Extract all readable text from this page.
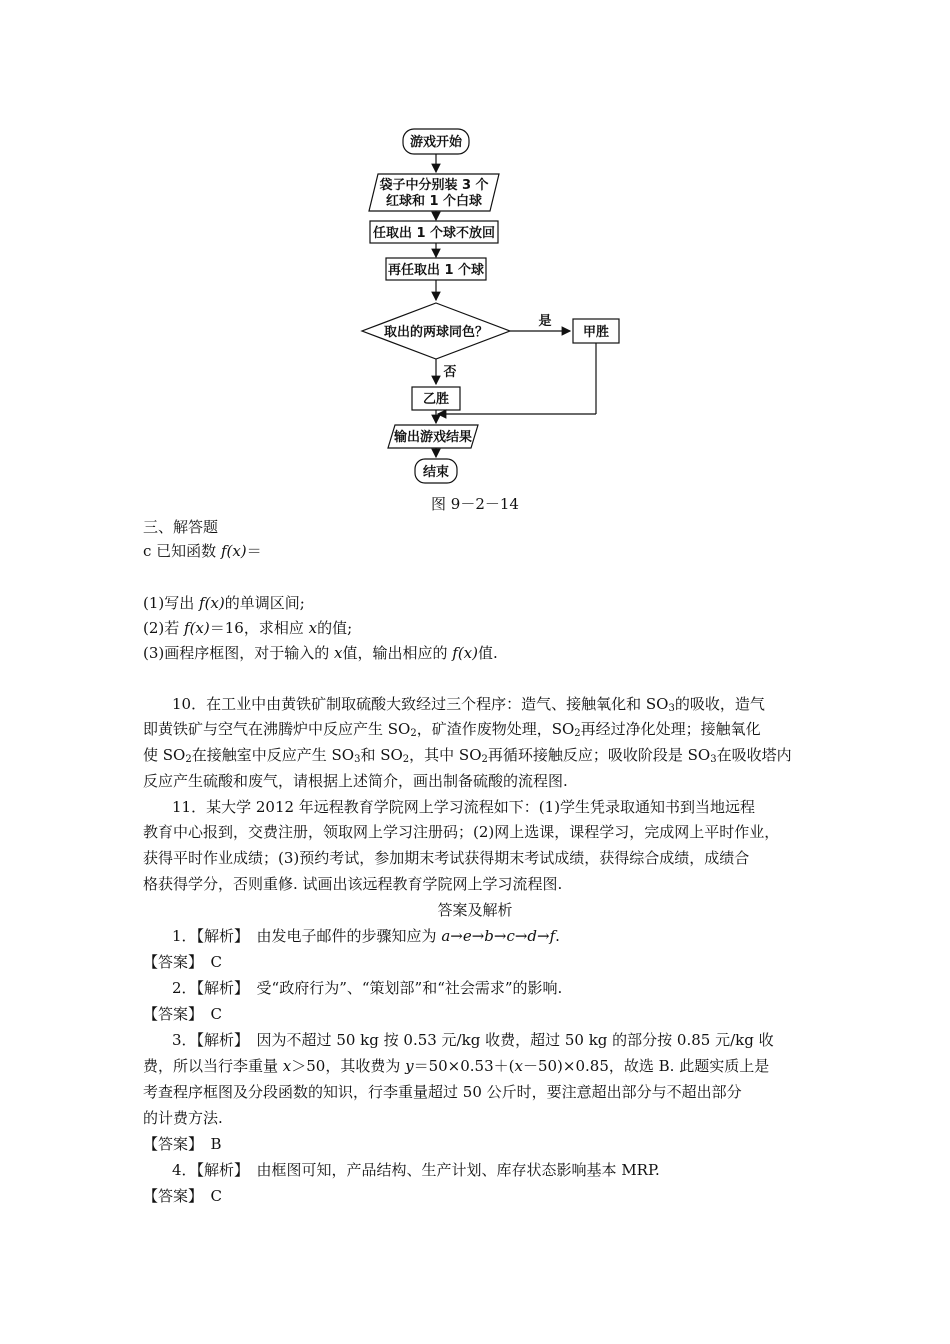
游戏开始
袋子中分别装 3 个
红球和 1 个白球
任取出 1 个球不放回
再任取出 1 个球
取出的两球同色？
是
否
甲胜
乙胜
输出游戏结果
结束
图 9－2－14
三、解答题
c 已知函数 f(x)＝
(1)写出 f(x)的单调区间;
(2)若 f(x)＝16，求相应 x的值;
(3)画程序框图，对于输入的 x值，输出相应的 f(x)值.
10．在工业中由黄铁矿制取硫酸大致经过三个程序：造气、接触氧化和 $SO_3$的吸收，造气
即黄铁矿与空气在沸腾炉中反应产生 $SO_2$，矿渣作废物处理，$SO_2$再经过净化处理；接触氧化
使 $SO_2$在接触室中反应产生 $SO_3$和 $SO_2$，其中 $SO_2$再循环接触反应；吸收阶段是 $SO_3$在吸收塔内
反应产生硫酸和废气，请根据上述简介，画出制备硫酸的流程图.
11．某大学 2012 年远程教育学院网上学习流程如下：(1)学生凭录取通知书到当地远程
教育中心报到，交费注册，领取网上学习注册码；(2)网上选课，课程学习，完成网上平时作业，
获得平时作业成绩；(3)预约考试，参加期末考试获得期末考试成绩，获得综合成绩，成绩合
格获得学分，否则重修. 试画出该远程教育学院网上学习流程图.
答案及解析
1．【解析】　由发电子邮件的步骤知应为 a→e→b→c→d→f.
【答案】　C
2．【解析】　受“政府行为”、“策划部”和“社会需求”的影响.
【答案】　C
3．【解析】　因为不超过 50 kg 按 0.53 元/kg 收费，超过 50 kg 的部分按 0.85 元/kg 收
费，所以当行李重量 x＞50，其收费为 y＝50×0.53＋(x－50)×0.85，故选 B. 此题实质上是
考查程序框图及分段函数的知识，行李重量超过 50 公斤时，要注意超出部分与不超出部分
的计费方法.
【答案】　B
4．【解析】　由框图可知，产品结构、生产计划、库存状态影响基本 MRP.
【答案】　C
